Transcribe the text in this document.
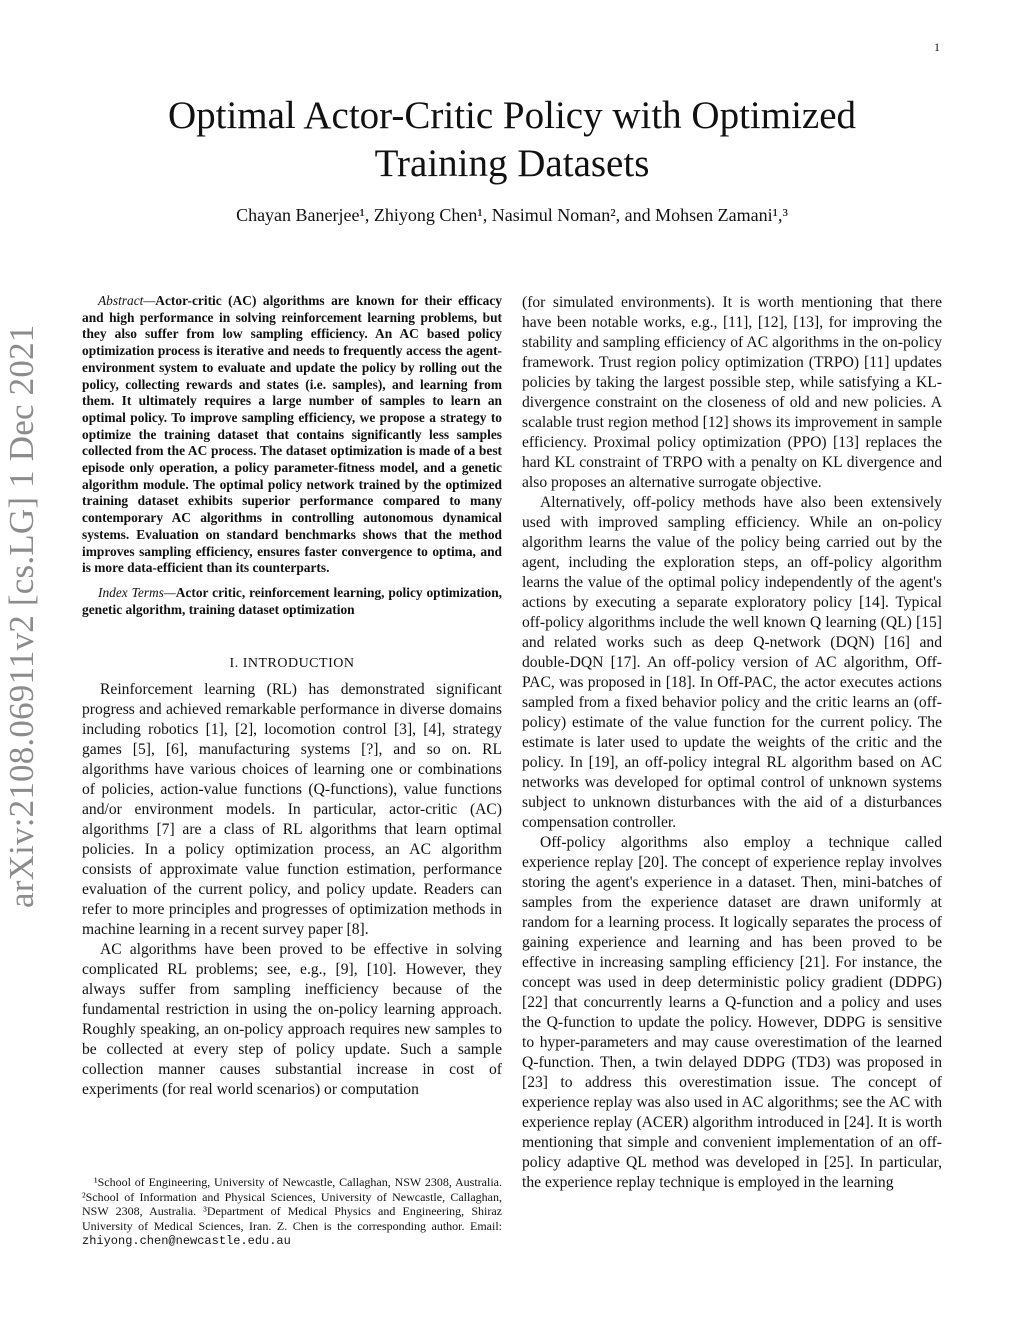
1
arXiv:2108.06911v2 [cs.LG] 1 Dec 2021
Optimal Actor-Critic Policy with Optimized
Training Datasets

Chayan Banerjee¹, Zhiyong Chen¹, Nasimul Noman², and Mohsen Zamani¹,³

Abstract—Actor-critic (AC) algorithms are known for their efficacy and high performance in solving reinforcement learning problems, but they also suffer from low sampling efficiency. An AC based policy optimization process is iterative and needs to frequently access the agent-environment system to evaluate and update the policy by rolling out the policy, collecting rewards and states (i.e. samples), and learning from them. It ultimately requires a large number of samples to learn an optimal policy. To improve sampling efficiency, we propose a strategy to optimize the training dataset that contains significantly less samples collected from the AC process. The dataset optimization is made of a best episode only operation, a policy parameter-fitness model, and a genetic algorithm module. The optimal policy network trained by the optimized training dataset exhibits superior performance compared to many contemporary AC algorithms in controlling autonomous dynamical systems. Evaluation on standard benchmarks shows that the method improves sampling efficiency, ensures faster convergence to optima, and is more data-efficient than its counterparts.

Index Terms—Actor critic, reinforcement learning, policy optimization, genetic algorithm, training dataset optimization

I. INTRODUCTION

Reinforcement learning (RL) has demonstrated significant progress and achieved remarkable performance in diverse domains including robotics [1], [2], locomotion control [3], [4], strategy games [5], [6], manufacturing systems [?], and so on. RL algorithms have various choices of learning one or combinations of policies, action-value functions (Q-functions), value functions and/or environment models. In particular, actor-critic (AC) algorithms [7] are a class of RL algorithms that learn optimal policies. In a policy optimization process, an AC algorithm consists of approximate value function estimation, performance evaluation of the current policy, and policy update. Readers can refer to more principles and progresses of optimization methods in machine learning in a recent survey paper [8].

AC algorithms have been proved to be effective in solving complicated RL problems; see, e.g., [9], [10]. However, they always suffer from sampling inefficiency because of the fundamental restriction in using the on-policy learning approach. Roughly speaking, an on-policy approach requires new samples to be collected at every step of policy update. Such a sample collection manner causes substantial increase in cost of experiments (for real world scenarios) or computation

¹School of Engineering, University of Newcastle, Callaghan, NSW 2308, Australia. ²School of Information and Physical Sciences, University of Newcastle, Callaghan, NSW 2308, Australia. ³Department of Medical Physics and Engineering, Shiraz University of Medical Sciences, Iran. Z. Chen is the corresponding author. Email: zhiyong.chen@newcastle.edu.au

(for simulated environments). It is worth mentioning that there have been notable works, e.g., [11], [12], [13], for improving the stability and sampling efficiency of AC algorithms in the on-policy framework. Trust region policy optimization (TRPO) [11] updates policies by taking the largest possible step, while satisfying a KL-divergence constraint on the closeness of old and new policies. A scalable trust region method [12] shows its improvement in sample efficiency. Proximal policy optimization (PPO) [13] replaces the hard KL constraint of TRPO with a penalty on KL divergence and also proposes an alternative surrogate objective.

Alternatively, off-policy methods have also been extensively used with improved sampling efficiency. While an on-policy algorithm learns the value of the policy being carried out by the agent, including the exploration steps, an off-policy algorithm learns the value of the optimal policy independently of the agent's actions by executing a separate exploratory policy [14]. Typical off-policy algorithms include the well known Q learning (QL) [15] and related works such as deep Q-network (DQN) [16] and double-DQN [17]. An off-policy version of AC algorithm, Off-PAC, was proposed in [18]. In Off-PAC, the actor executes actions sampled from a fixed behavior policy and the critic learns an (off-policy) estimate of the value function for the current policy. The estimate is later used to update the weights of the critic and the policy. In [19], an off-policy integral RL algorithm based on AC networks was developed for optimal control of unknown systems subject to unknown disturbances with the aid of a disturbances compensation controller.

Off-policy algorithms also employ a technique called experience replay [20]. The concept of experience replay involves storing the agent's experience in a dataset. Then, mini-batches of samples from the experience dataset are drawn uniformly at random for a learning process. It logically separates the process of gaining experience and learning and has been proved to be effective in increasing sampling efficiency [21]. For instance, the concept was used in deep deterministic policy gradient (DDPG) [22] that concurrently learns a Q-function and a policy and uses the Q-function to update the policy. However, DDPG is sensitive to hyper-parameters and may cause overestimation of the learned Q-function. Then, a twin delayed DDPG (TD3) was proposed in [23] to address this overestimation issue. The concept of experience replay was also used in AC algorithms; see the AC with experience replay (ACER) algorithm introduced in [24]. It is worth mentioning that simple and convenient implementation of an off-policy adaptive QL method was developed in [25]. In particular, the experience replay technique is employed in the learning
